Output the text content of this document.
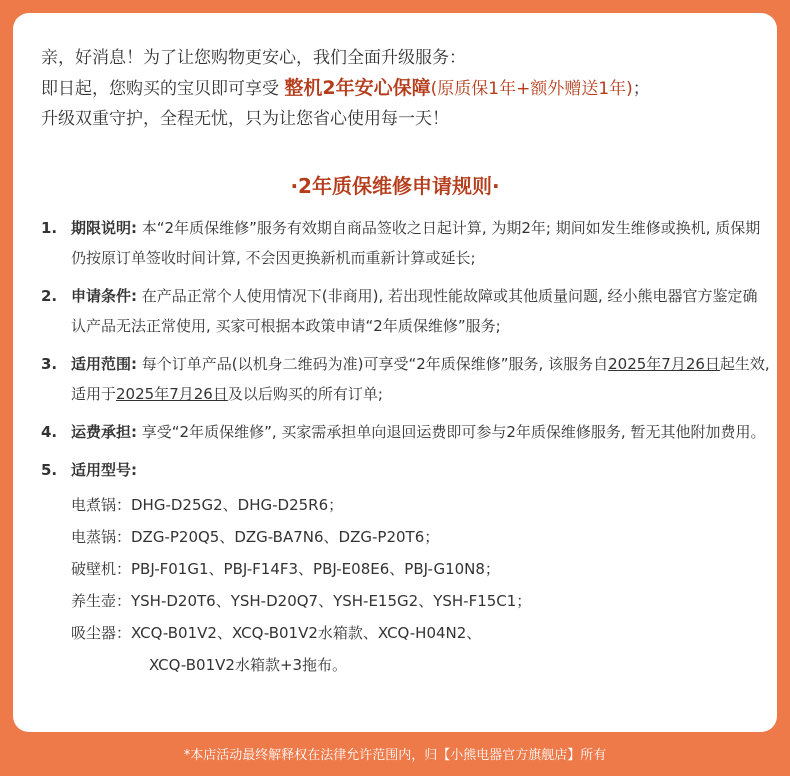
亲，好消息！为了让您购物更安心，我们全面升级服务：
即日起，您购买的宝贝即可享受 整机2年安心保障(原质保1年+额外赠送1年)；
升级双重守护，全程无忧，只为让您省心使用每一天！
·2年质保维修申请规则·
1. 期限说明: 本“2年质保维修”服务有效期自商品签收之日起计算, 为期2年; 期间如发生维修或换机, 质保期仍按原订单签收时间计算, 不会因更换新机而重新计算或延长;
2. 申请条件: 在产品正常个人使用情况下(非商用), 若出现性能故障或其他质量问题, 经小熊电器官方鉴定确认产品无法正常使用, 买家可根据本政策申请“2年质保维修”服务;
3. 适用范围: 每个订单产品(以机身二维码为准)可享受“2年质保维修”服务, 该服务自2025年7月26日起生效, 适用于2025年7月26日及以后购买的所有订单;
4. 运费承担: 享受“2年质保维修”, 买家需承担单向退回运费即可参与2年质保维修服务, 暂无其他附加费用。
5. 适用型号:
电煮锅：DHG-D25G2、DHG-D25R6；
电蒸锅：DZG-P20Q5、DZG-BA7N6、DZG-P20T6；
破壁机：PBJ-F01G1、PBJ-F14F3、PBJ-E08E6、PBJ-G10N8；
养生壶：YSH-D20T6、YSH-D20Q7、YSH-E15G2、YSH-F15C1；
吸尘器：XCQ-B01V2、XCQ-B01V2水箱款、XCQ-H04N2、
XCQ-B01V2水箱款+3拖布。
*本店活动最终解释权在法律允许范围内，归【小熊电器官方旗舰店】所有
